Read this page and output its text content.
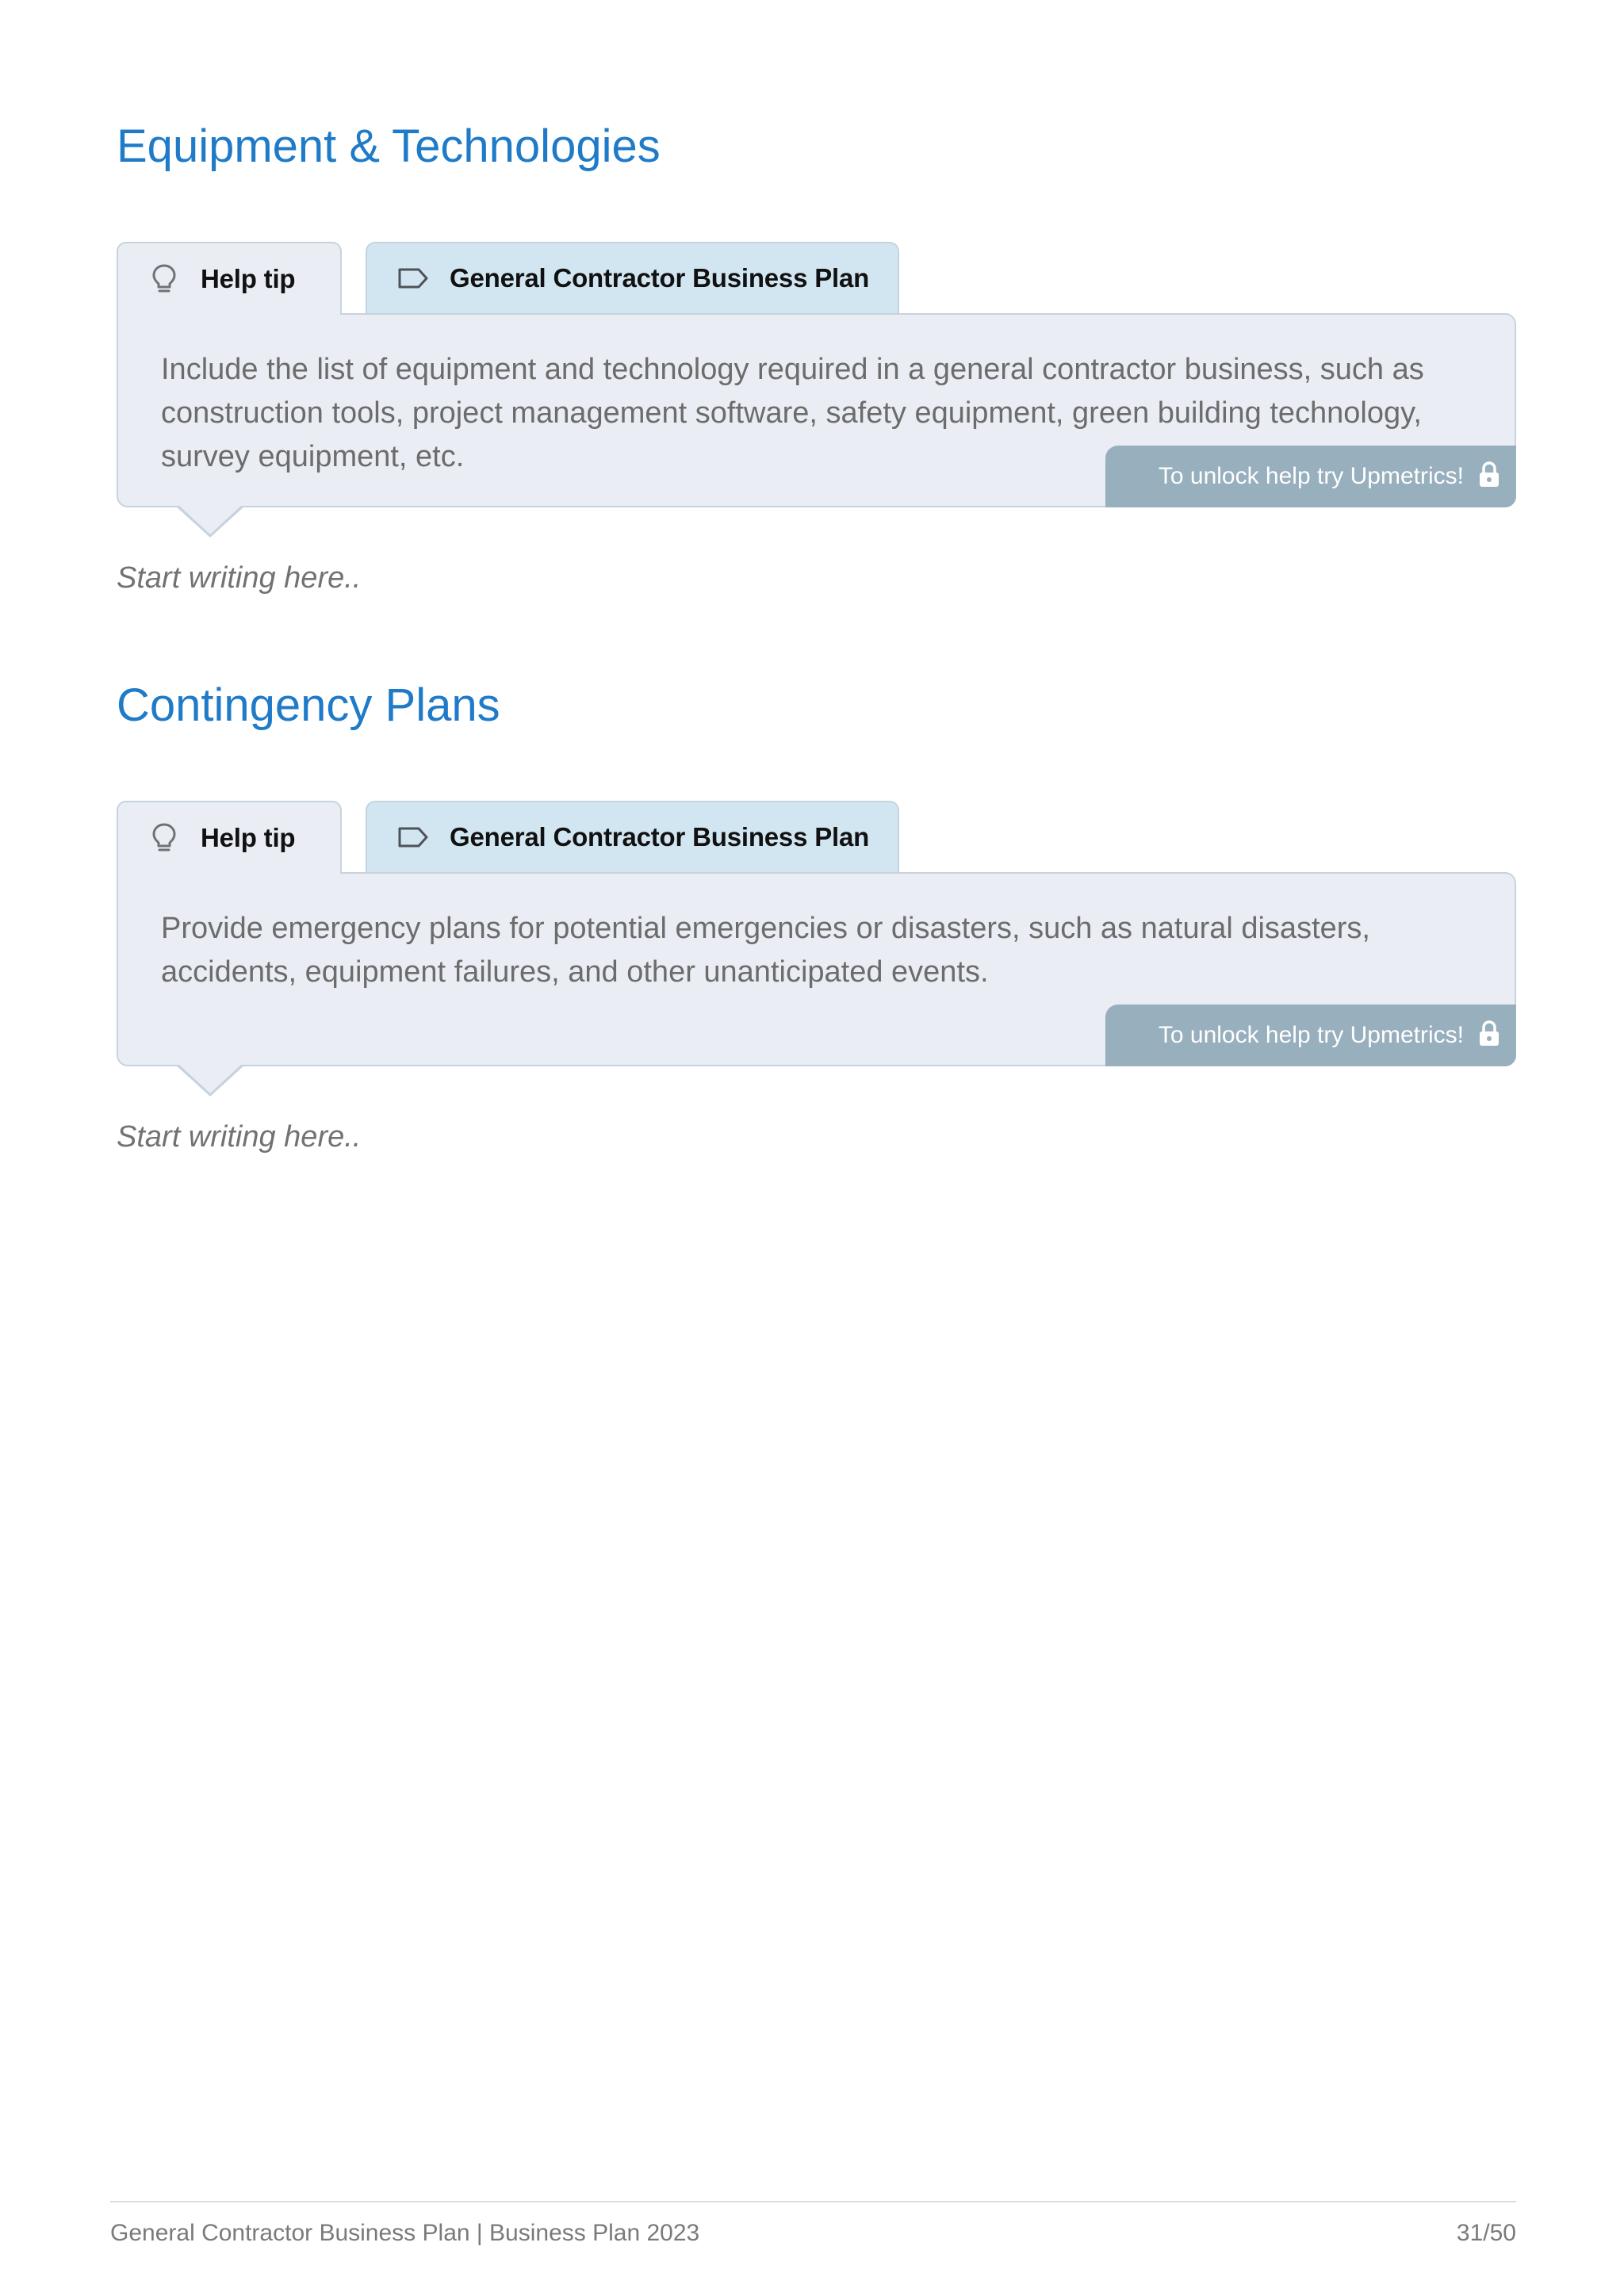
Equipment & Technologies
Help tip	General Contractor Business Plan

Include the list of equipment and technology required in a general contractor business, such as construction tools, project management software, safety equipment, green building technology, survey equipment, etc.

To unlock help try Upmetrics!

Start writing here..

Contingency Plans
Help tip	General Contractor Business Plan

Provide emergency plans for potential emergencies or disasters, such as natural disasters, accidents, equipment failures, and other unanticipated events.

To unlock help try Upmetrics!

Start writing here..

General Contractor Business Plan | Business Plan 2023	31/50
